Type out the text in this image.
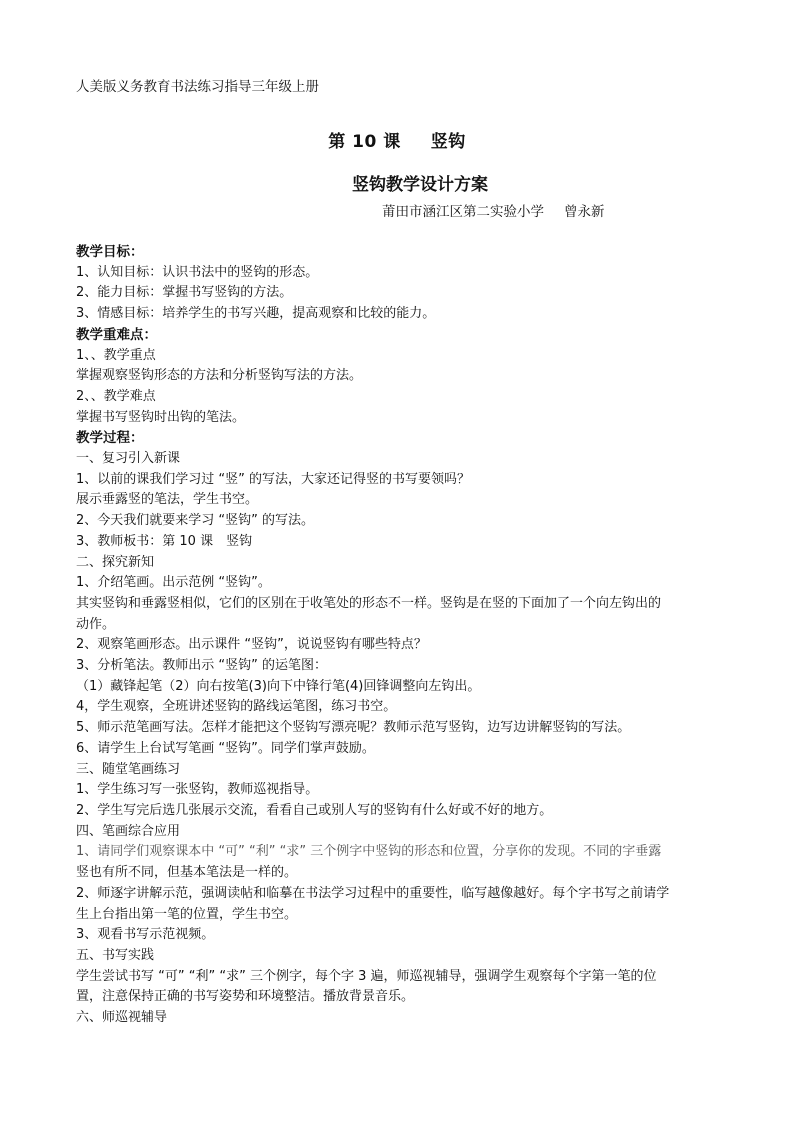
人美版义务教育书法练习指导三年级上册
第 10 课 竖钩
竖钩教学设计方案
莆田市涵江区第二实验小学 曾永新

教学目标：

1、认知目标：认识书法中的竖钩的形态。

2、能力目标：掌握书写竖钩的方法。

3、情感目标：培养学生的书写兴趣，提高观察和比较的能力。

教学重难点：

1、、教学重点

掌握观察竖钩形态的方法和分析竖钩写法的方法。

2、、教学难点

掌握书写竖钩时出钩的笔法。

教学过程：

一、复习引入新课

1、以前的课我们学习过 “竖” 的写法，大家还记得竖的书写要领吗？

展示垂露竖的笔法，学生书空。

2、今天我们就要来学习 “竖钩” 的写法。

3、教师板书：第 10 课　竖钩

二、探究新知

1、介绍笔画。出示范例 “竖钩”。

其实竖钩和垂露竖相似，它们的区别在于收笔处的形态不一样。竖钩是在竖的下面加了一个向左钩出的

动作。

2、观察笔画形态。出示课件 “竖钩”，说说竖钩有哪些特点？

3、分析笔法。教师出示 “竖钩” 的运笔图：

（1）藏锋起笔（2）向右按笔(3)向下中锋行笔(4)回锋调整向左钩出。

4，学生观察，全班讲述竖钩的路线运笔图，练习书空。

5、师示范笔画写法。怎样才能把这个竖钩写漂亮呢？教师示范写竖钩，边写边讲解竖钩的写法。

6、请学生上台试写笔画 “竖钩”。同学们掌声鼓励。

三、随堂笔画练习

1、学生练习写一张竖钩，教师巡视指导。

2、学生写完后选几张展示交流，看看自己或别人写的竖钩有什么好或不好的地方。

四、笔画综合应用

1、请同学们观察课本中 “可” “利” “求” 三个例字中竖钩的形态和位置，分享你的发现。不同的字垂露

竖也有所不同，但基本笔法是一样的。

2、师逐字讲解示范，强调读帖和临摹在书法学习过程中的重要性，临写越像越好。每个字书写之前请学

生上台指出第一笔的位置，学生书空。

3、观看书写示范视频。

五、书写实践

学生尝试书写 “可” “利” “求” 三个例字，每个字 3 遍，师巡视辅导，强调学生观察每个字第一笔的位

置，注意保持正确的书写姿势和环境整洁。播放背景音乐。

六、师巡视辅导
